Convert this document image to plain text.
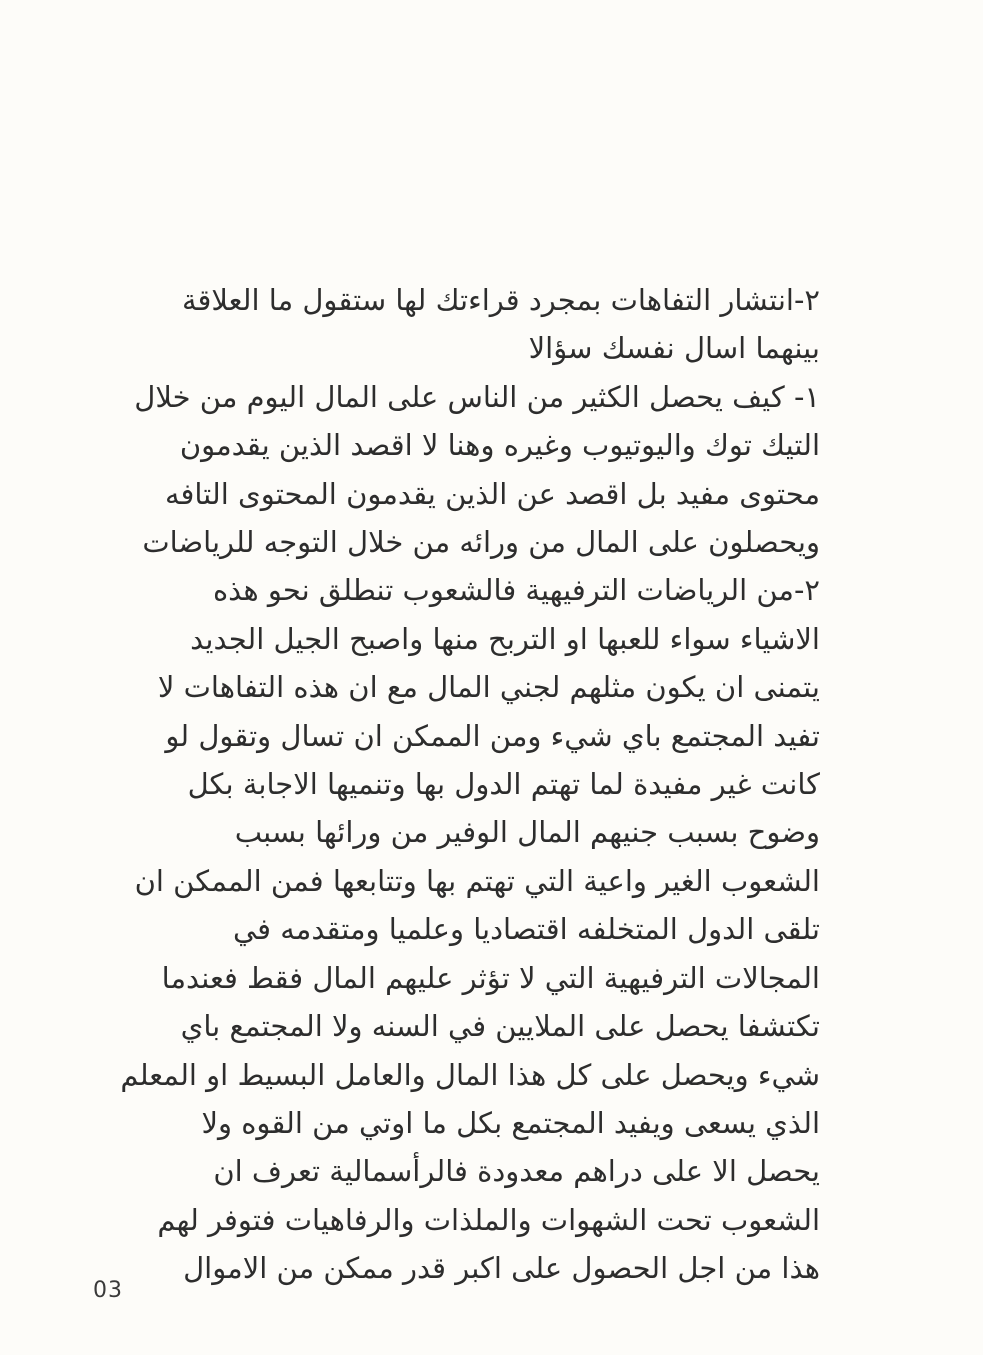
٢-انتشار التفاهات بمجرد قراءتك لها ستقول ما العلاقة
بينهما اسال نفسك سؤالا
١- كيف يحصل الكثير من الناس على المال اليوم من خلال
التيك توك واليوتيوب وغيره وهنا لا اقصد الذين يقدمون
محتوى مفيد بل اقصد عن الذين يقدمون المحتوى التافه
ويحصلون على المال من ورائه من خلال التوجه للرياضات
٢-من الرياضات الترفيهية فالشعوب تنطلق نحو هذه
الاشياء سواء للعبها او التربح منها واصبح الجيل الجديد
يتمنى ان يكون مثلهم لجني المال مع ان هذه التفاهات لا
تفيد المجتمع باي شيء ومن الممكن ان تسال وتقول لو
كانت غير مفيدة لما تهتم الدول بها وتنميها الاجابة بكل
وضوح بسبب جنيهم المال الوفير من ورائها بسبب
الشعوب الغير واعية التي تهتم بها وتتابعها فمن الممكن ان
تلقى الدول المتخلفه اقتصاديا وعلميا ومتقدمه في
المجالات الترفيهية التي لا تؤثر عليهم المال فقط فعندما
تكتشفا يحصل على الملايين في السنه ولا المجتمع باي
شيء ويحصل على كل هذا المال والعامل البسيط او المعلم
الذي يسعى ويفيد المجتمع بكل ما اوتي من القوه ولا
يحصل الا على دراهم معدودة فالرأسمالية تعرف ان
الشعوب تحت الشهوات والملذات والرفاهيات فتوفر لهم
هذا من اجل الحصول على اكبر قدر ممكن من الاموال
03
